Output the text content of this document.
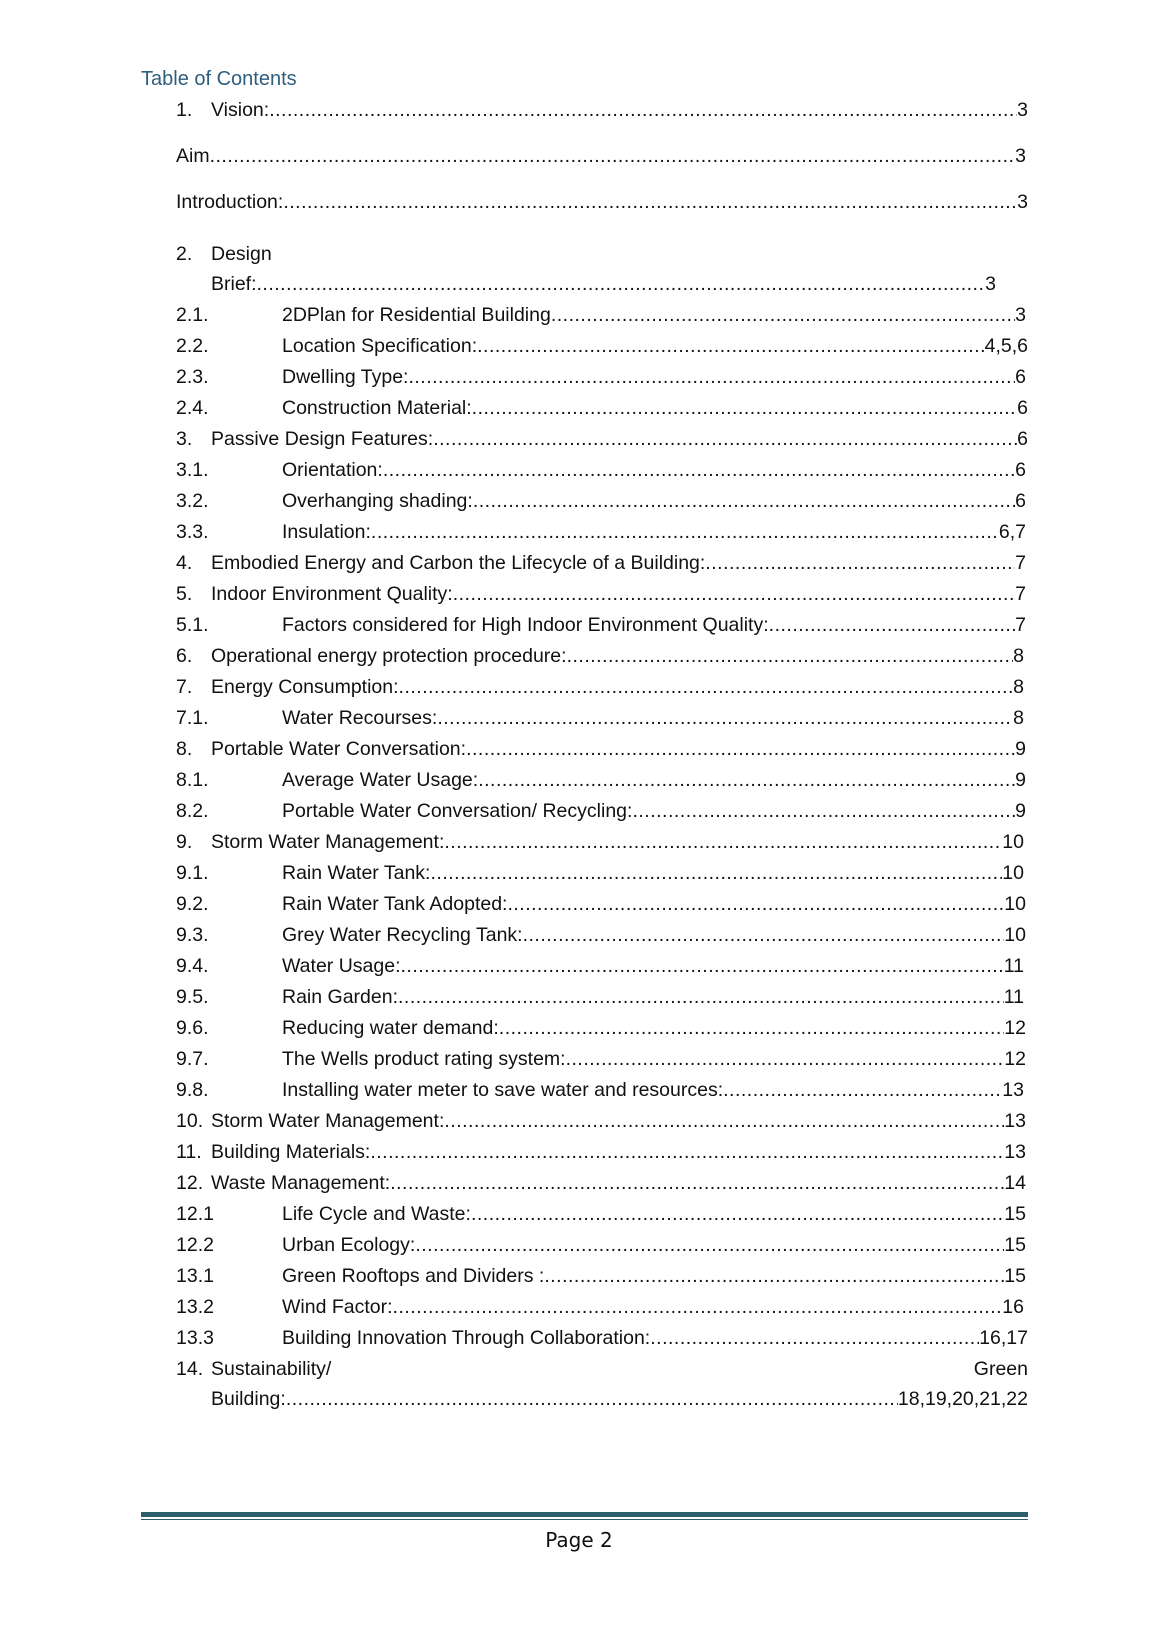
Table of Contents
1. Vision: .....	3
Aim .....	3
Introduction: .....	3
2. Design
Brief: .....	3
2.1.	2DPlan for Residential Building .....	3
2.2.	Location Specification: .....	4,5,6
2.3.	Dwelling Type: .....	6
2.4.	Construction Material: .....	6
3. Passive Design Features: .....	6
3.1.	Orientation: .....	6
3.2.	Overhanging shading: .....	6
3.3.	Insulation: .....	6,7
4. Embodied Energy and Carbon the Lifecycle of a Building: .....	7
5. Indoor Environment Quality: .....	7
5.1.	Factors considered for High Indoor Environment Quality: .....	7
6. Operational energy protection procedure: .....	8
7. Energy Consumption: .....	8
7.1.	Water Recourses: .....	8
8. Portable Water Conversation: .....	9
8.1.	Average Water Usage: .....	9
8.2.	Portable Water Conversation/ Recycling: .....	9
9. Storm Water Management: .....	10
9.1.	Rain Water Tank: .....	10
9.2.	Rain Water Tank Adopted: .....	10
9.3.	Grey Water Recycling Tank: .....	10
9.4.	Water Usage: .....	11
9.5.	Rain Garden: .....	11
9.6.	Reducing water demand: .....	12
9.7.	The Wells product rating system: .....	12
9.8.	Installing water meter to save water and resources: .....	13
10. Storm Water Management: .....	13
11. Building Materials: .....	13
12. Waste Management: .....	14
12.1	Life Cycle and Waste: .....	15
12.2	Urban Ecology: .....	15
13.1	Green Rooftops and Dividers : .....	15
13.2	Wind Factor: .....	16
13.3	Building Innovation Through Collaboration: .....	16,17
14. Sustainability/	Green
Building: .....	18,19,20,21,22
Page 2
